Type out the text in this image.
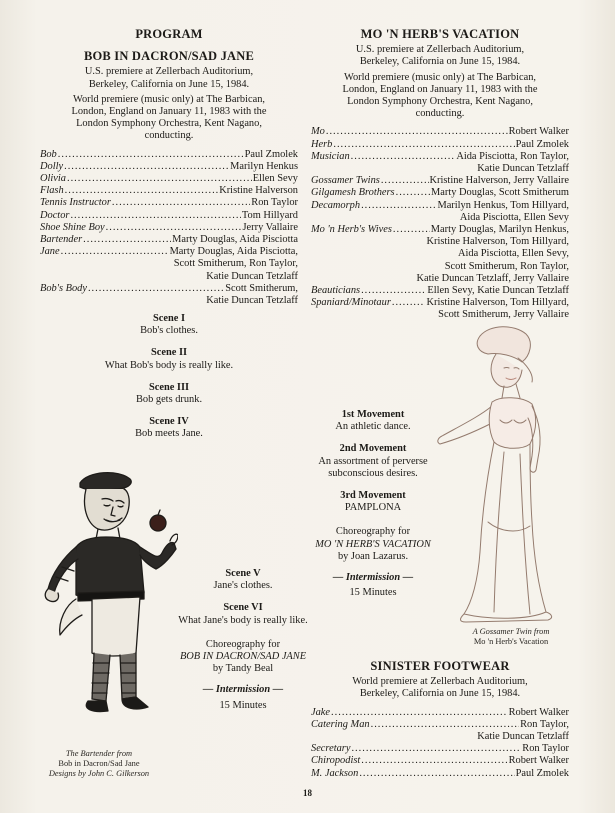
PROGRAM
BOB IN DACRON/SAD JANE
U.S. premiere at Zellerbach Auditorium, Berkeley, California on June 15, 1984.
World premiere (music only) at The Barbican, London, England on January 11, 1983 with the London Symphony Orchestra, Kent Nagano, conducting.
Bob . . .	Paul Zmolek
Dolly . . .	Marilyn Henkus
Olivia . . .	Ellen Sevy
Flash . . .	Kristine Halverson
Tennis Instructor . . .	Ron Taylor
Doctor . . .	Tom Hillyard
Shoe Shine Boy . . .	Jerry Vallaire
Bartender . . .	Marty Douglas, Aida Pisciotta
Jane . . .	Marty Douglas, Aida Pisciotta,
Scott Smitherum, Ron Taylor,
Katie Duncan Tetzlaff
Bob's Body . . .	Scott Smitherum,
Katie Duncan Tetzlaff
Scene I
Bob's clothes.
Scene II
What Bob's body is really like.
Scene III
Bob gets drunk.
Scene IV
Bob meets Jane.
Scene V
Jane's clothes.
Scene VI
What Jane's body is really like.
Choreography for
BOB IN DACRON/SAD JANE
by Tandy Beal
— Intermission —
15 Minutes
The Bartender from
Bob in Dacron/Sad Jane
Designs by John C. Gilkerson
MO 'N HERB'S VACATION
U.S. premiere at Zellerbach Auditorium, Berkeley, California on June 15, 1984.
World premiere (music only) at The Barbican, London, England on January 11, 1983 with the London Symphony Orchestra, Kent Nagano, conducting.
Mo . . .	Robert Walker
Herb . . .	Paul Zmolek
Musician . . .	Aida Pisciotta, Ron Taylor,
Katie Duncan Tetzlaff
Gossamer Twins . . .	Kristine Halverson, Jerry Vallaire
Gilgamesh Brothers . . .	Marty Douglas, Scott Smitherum
Decamorph . . .	Marilyn Henkus, Tom Hillyard,
Aida Pisciotta, Ellen Sevy
Mo 'n Herb's Wives . . .	Marty Douglas, Marilyn Henkus,
Kristine Halverson, Tom Hillyard,
Aida Pisciotta, Ellen Sevy,
Scott Smitherum, Ron Taylor,
Katie Duncan Tetzlaff, Jerry Vallaire
Beauticians . . .	Ellen Sevy, Katie Duncan Tetzlaff
Spaniard/Minotaur . . .	Kristine Halverson, Tom Hillyard,
Scott Smitherum, Jerry Vallaire
A Gossamer Twin from
Mo 'n Herb's Vacation
1st Movement
An athletic dance.
2nd Movement
An assortment of perverse subconscious desires.
3rd Movement
PAMPLONA
Choreography for
MO 'N HERB'S VACATION
by Joan Lazarus.
— Intermission —
15 Minutes
SINISTER FOOTWEAR
World premiere at Zellerbach Auditorium, Berkeley, California on June 15, 1984.
Jake . . .	Robert Walker
Catering Man . . .	Ron Taylor,
Katie Duncan Tetzlaff
Secretary . . .	Ron Taylor
Chiropodist . . .	Robert Walker
M. Jackson . . .	Paul Zmolek
18
